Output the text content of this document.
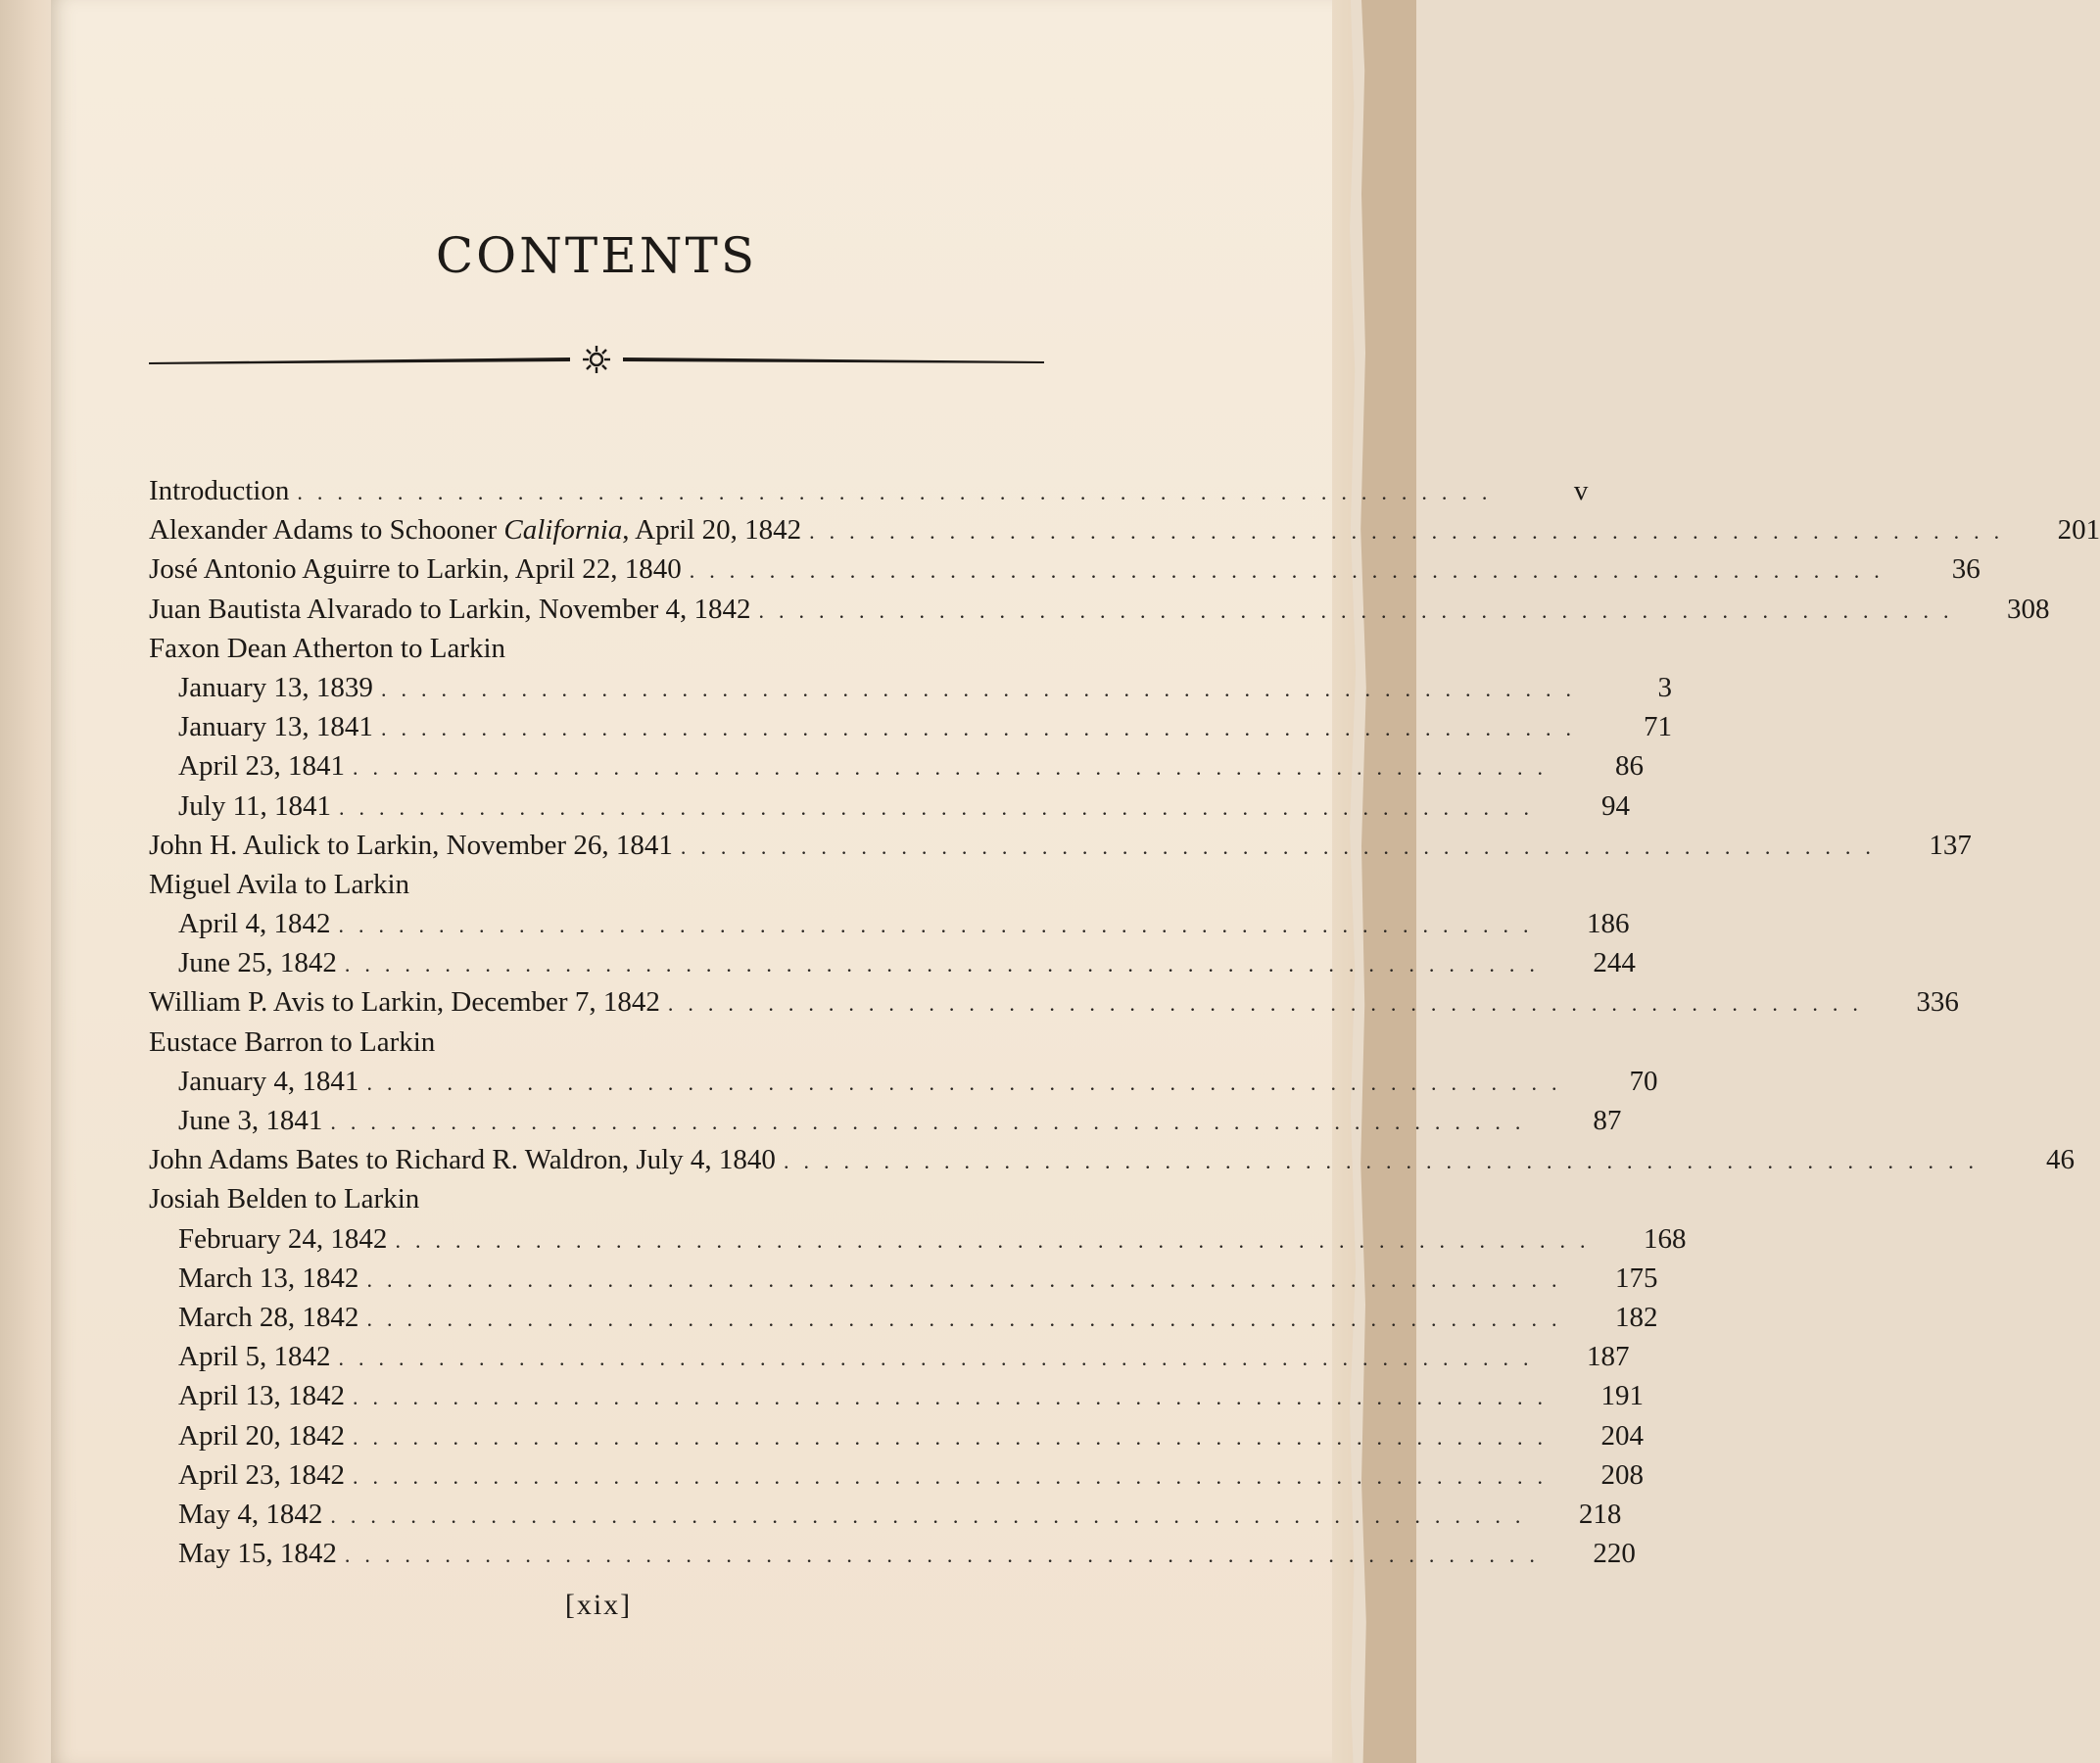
CONTENTS
Introduction ............................................................	v
Alexander Adams to Schooner California, April 20, 1842 ............................................................	201
José Antonio Aguirre to Larkin, April 22, 1840 ............................................................	36
Juan Bautista Alvarado to Larkin, November 4, 1842 ............................................................	308
Faxon Dean Atherton to Larkin
January 13, 1839 ............................................................	3
January 13, 1841 ............................................................	71
April 23, 1841 ............................................................	86
July 11, 1841 ............................................................	94
John H. Aulick to Larkin, November 26, 1841 ............................................................	137
Miguel Avila to Larkin
April 4, 1842 ............................................................	186
June 25, 1842 ............................................................	244
William P. Avis to Larkin, December 7, 1842 ............................................................	336
Eustace Barron to Larkin
January 4, 1841 ............................................................	70
June 3, 1841 ............................................................	87
John Adams Bates to Richard R. Waldron, July 4, 1840 ............................................................	46
Josiah Belden to Larkin
February 24, 1842 ............................................................	168
March 13, 1842 ............................................................	175
March 28, 1842 ............................................................	182
April 5, 1842 ............................................................	187
April 13, 1842 ............................................................	191
April 20, 1842 ............................................................	204
April 23, 1842 ............................................................	208
May 4, 1842 ............................................................	218
May 15, 1842 ............................................................	220
[xix]
